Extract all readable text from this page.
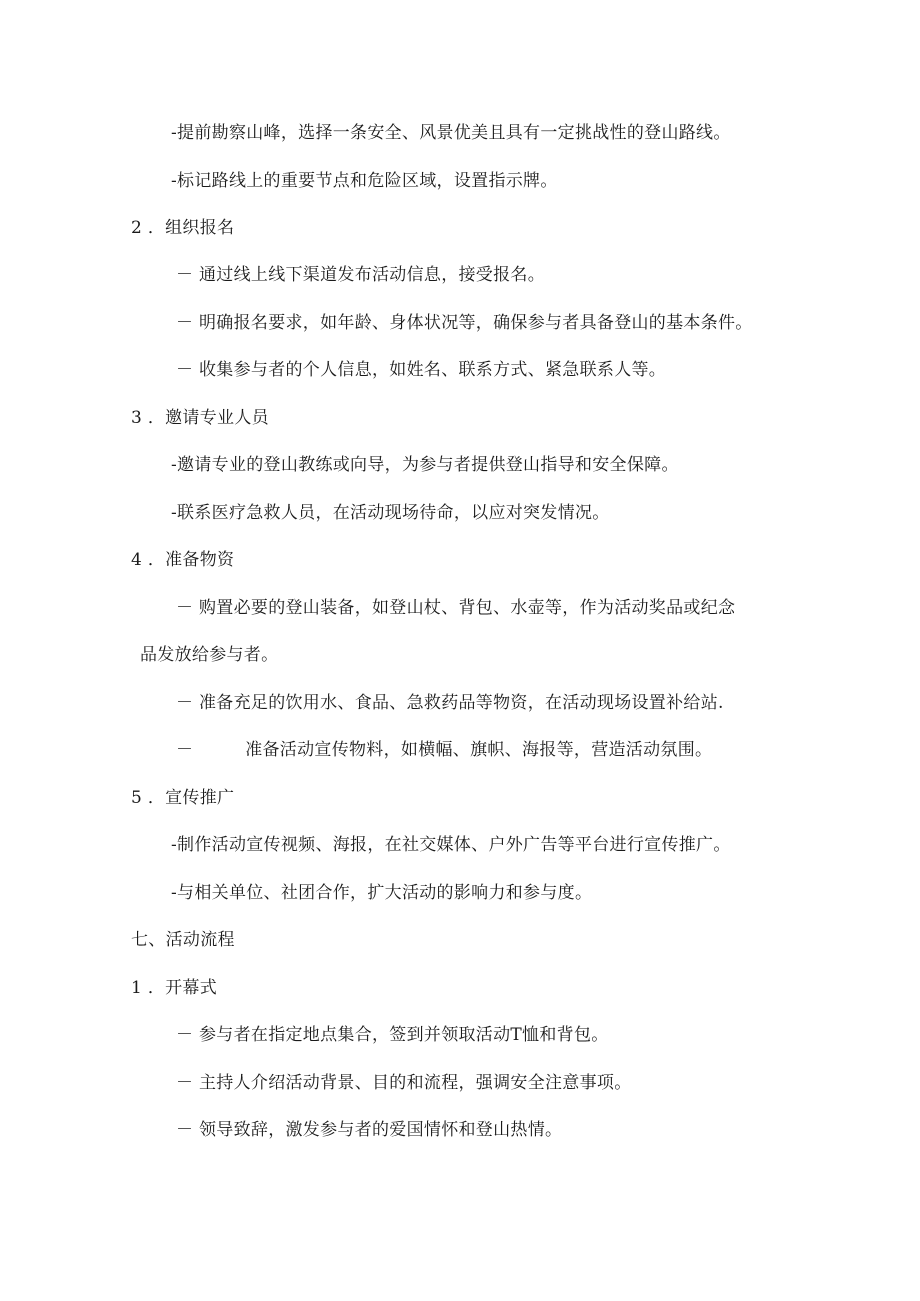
-提前勘察山峰，选择一条安全、风景优美且具有一定挑战性的登山路线。
-标记路线上的重要节点和危险区域，设置指示牌。
2 ．组织报名
－ 通过线上线下渠道发布活动信息，接受报名。
－ 明确报名要求，如年龄、身体状况等，确保参与者具备登山的基本条件。
－ 收集参与者的个人信息，如姓名、联系方式、紧急联系人等。
3 ．邀请专业人员
-邀请专业的登山教练或向导，为参与者提供登山指导和安全保障。
-联系医疗急救人员，在活动现场待命，以应对突发情况。
4 ．准备物资
－ 购置必要的登山装备，如登山杖、背包、水壶等，作为活动奖品或纪念
品发放给参与者。
－ 准备充足的饮用水、食品、急救药品等物资，在活动现场设置补给站.
－　　　准备活动宣传物料，如横幅、旗帜、海报等，营造活动氛围。
5 ．宣传推广
-制作活动宣传视频、海报，在社交媒体、户外广告等平台进行宣传推广。
-与相关单位、社团合作，扩大活动的影响力和参与度。
七、活动流程
1 ．开幕式
－ 参与者在指定地点集合，签到并领取活动T恤和背包。
－ 主持人介绍活动背景、目的和流程，强调安全注意事项。
－ 领导致辞，激发参与者的爱国情怀和登山热情。
